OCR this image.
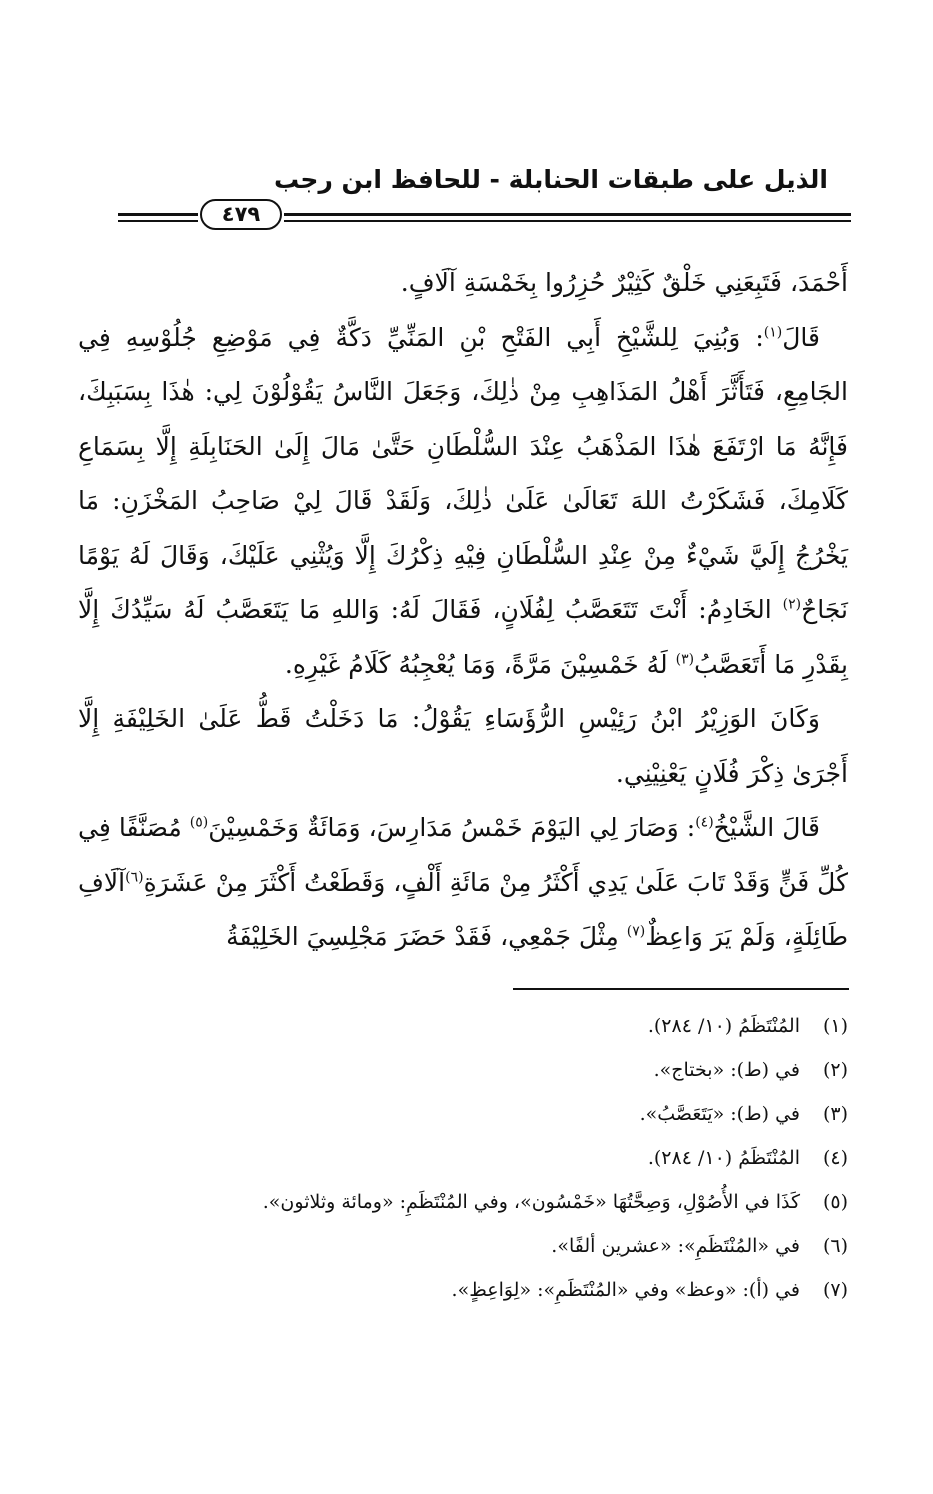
الذيل على طبقات الحنابلة - للحافظ ابن رجب
٤٧٩

أَحْمَدَ، فَتَبِعَنِي خَلْقٌ كَثِيْرٌ حُزِرُوا بِخَمْسَةِ آلَافٍ.

قَالَ$^{(١)}$: وَبُنِيَ لِلشَّيْخِ أَبِي الفَتْحِ بْنِ المَنِّيِّ دَكَّةٌ فِي مَوْضِعِ جُلُوْسِهِ فِي الجَامِعِ، فَتَأَثَّرَ أَهْلُ المَذَاهِبِ مِنْ ذٰلِكَ، وَجَعَلَ النَّاسُ يَقُوْلُوْنَ لِي: هٰذَا بِسَبَبِكَ، فَإِنَّهُ مَا ارْتَفَعَ هٰذَا المَذْهَبُ عِنْدَ السُّلْطَانِ حَتَّىٰ مَالَ إِلَىٰ الحَنَابِلَةِ إِلَّا بِسَمَاعِ كَلَامِكَ، فَشَكَرْتُ اللهَ تَعَالَىٰ عَلَىٰ ذٰلِكَ، وَلَقَدْ قَالَ لِيْ صَاحِبُ المَخْزَنِ: مَا يَخْرُجُ إِلَيَّ شَيْءٌ مِنْ عِنْدِ السُّلْطَانِ فِيْهِ ذِكْرُكَ إِلَّا وَيُثْنِي عَلَيْكَ، وَقَالَ لَهُ يَوْمًا نَجَاحٌ$^{(٢)}$ الخَادِمُ: أَنْتَ تَتَعَصَّبُ لِفُلَانٍ، فَقَالَ لَهُ: وَاللهِ مَا يَتَعَصَّبُ لَهُ سَيِّدُكَ إِلَّا بِقَدْرِ مَا أَتَعَصَّبُ$^{(٣)}$ لَهُ خَمْسِيْنَ مَرَّةً، وَمَا يُعْجِبُهُ كَلَامُ غَيْرِهِ.

وَكَانَ الوَزِيْرُ ابْنُ رَئِيْسِ الرُّؤَسَاءِ يَقُوْلُ: مَا دَخَلْتُ قَطُّ عَلَىٰ الخَلِيْفَةِ إِلَّا أَجْرَىٰ ذِكْرَ فُلَانٍ يَعْنِيْنِي.

قَالَ الشَّيْخُ$^{(٤)}$: وَصَارَ لِي اليَوْمَ خَمْسُ مَدَارِسَ، وَمَائَةٌ وَخَمْسِيْنَ$^{(٥)}$ مُصَنَّفًا فِي كُلِّ فَنٍّ وَقَدْ تَابَ عَلَىٰ يَدِي أَكْثَرُ مِنْ مَائَةِ أَلْفٍ، وَقَطَعْتُ أَكْثَرَ مِنْ عَشَرَةِ$^{(٦)}$آلَافِ طَائِلَةٍ، وَلَمْ يَرَ وَاعِظٌ$^{(٧)}$ مِثْلَ جَمْعِي، فَقَدْ حَضَرَ مَجْلِسِيَ الخَلِيْفَةُ

(١)المُنْتَظَمُ (١٠/ ٢٨٤).
(٢)في (ط): «بختاج».
(٣)في (ط): «يَتَعَصَّبُ».
(٤)المُنْتَظَمُ (١٠/ ٢٨٤).
(٥)كَذَا في الأُصُوْلِ، وَصِحَّتُهَا «خَمْسُون»، وفي المُنْتَظَمِ: «ومائة وثلاثون».
(٦)في «المُنْتَظَمِ»: «عشرين ألفًا».
(٧)في (أ): «وعظ» وفي «المُنْتَظَمِ»: «لِوَاعِظٍ».
